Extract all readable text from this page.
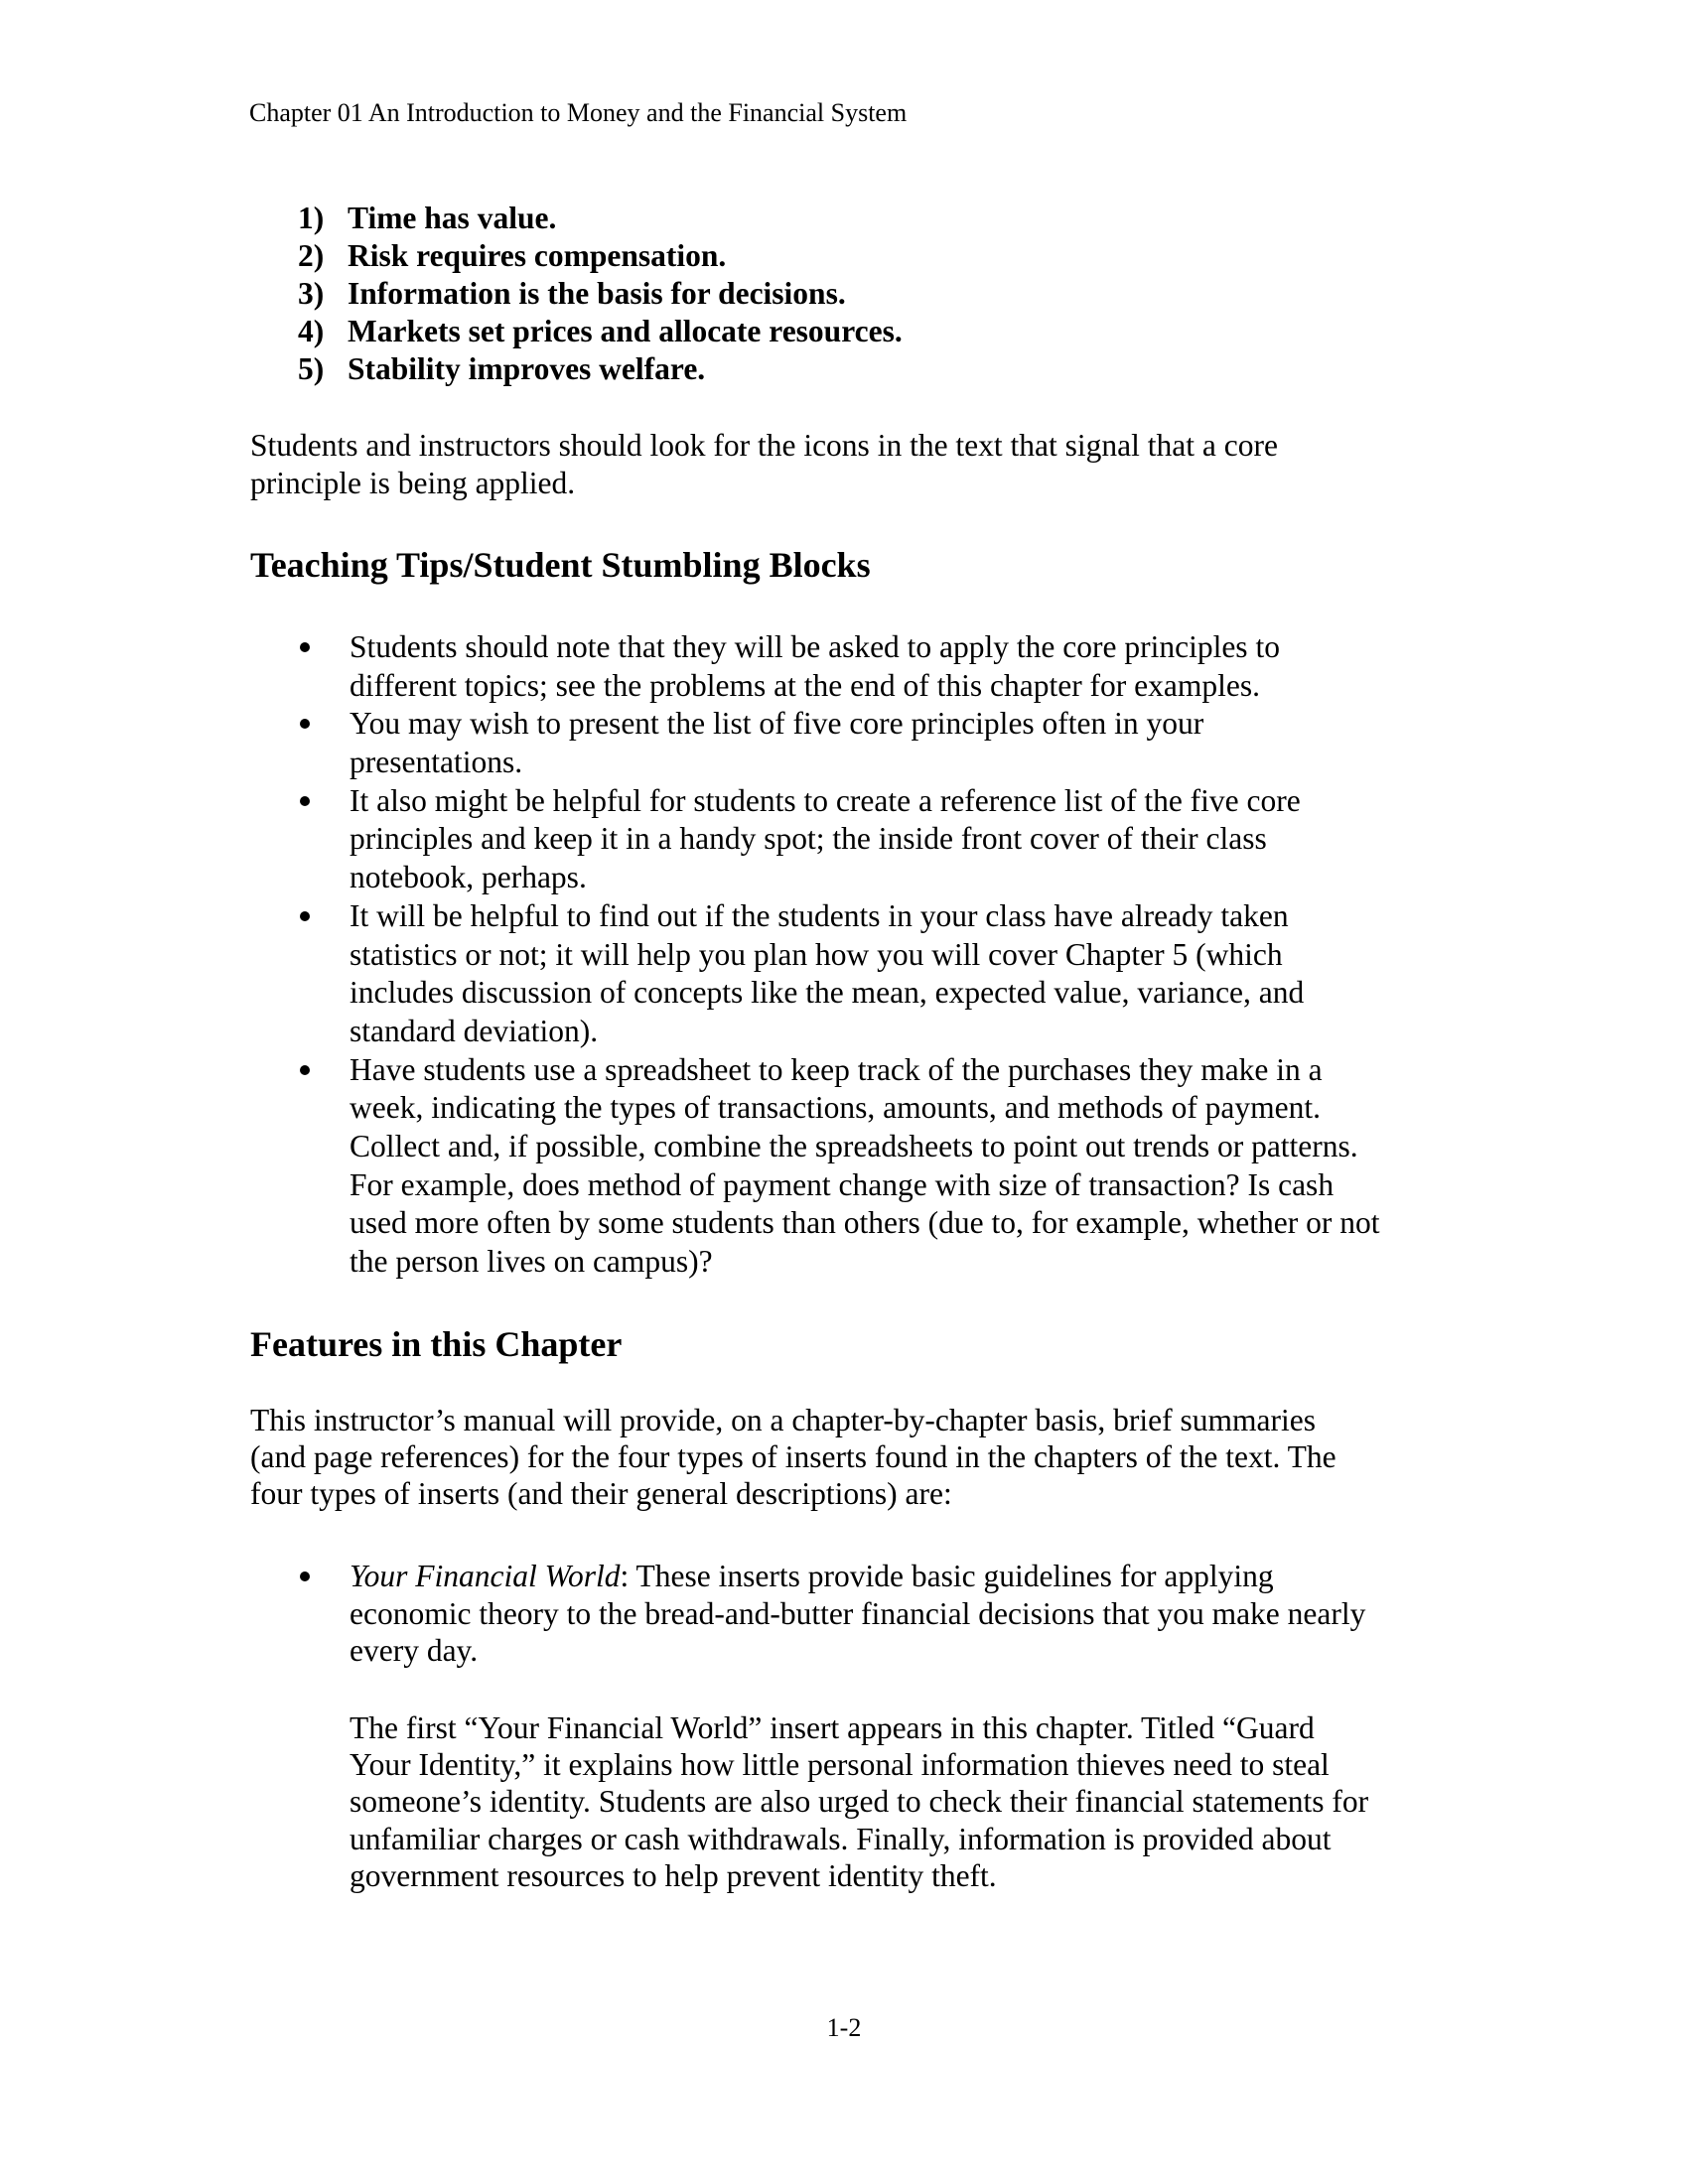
Chapter 01 An Introduction to Money and the Financial System
1) Time has value.
2) Risk requires compensation.
3) Information is the basis for decisions.
4) Markets set prices and allocate resources.
5) Stability improves welfare.
Students and instructors should look for the icons in the text that signal that a core
principle is being applied.
Teaching Tips/Student Stumbling Blocks
Students should note that they will be asked to apply the core principles to
different topics; see the problems at the end of this chapter for examples.
You may wish to present the list of five core principles often in your
presentations.
It also might be helpful for students to create a reference list of the five core
principles and keep it in a handy spot; the inside front cover of their class
notebook, perhaps.
It will be helpful to find out if the students in your class have already taken
statistics or not; it will help you plan how you will cover Chapter 5 (which
includes discussion of concepts like the mean, expected value, variance, and
standard deviation).
Have students use a spreadsheet to keep track of the purchases they make in a
week, indicating the types of transactions, amounts, and methods of payment.
Collect and, if possible, combine the spreadsheets to point out trends or patterns.
For example, does method of payment change with size of transaction? Is cash
used more often by some students than others (due to, for example, whether or not
the person lives on campus)?
Features in this Chapter
This instructor’s manual will provide, on a chapter-by-chapter basis, brief summaries
(and page references) for the four types of inserts found in the chapters of the text. The
four types of inserts (and their general descriptions) are:
Your Financial World: These inserts provide basic guidelines for applying
economic theory to the bread-and-butter financial decisions that you make nearly
every day.
The first “Your Financial World” insert appears in this chapter. Titled “Guard
Your Identity,” it explains how little personal information thieves need to steal
someone’s identity. Students are also urged to check their financial statements for
unfamiliar charges or cash withdrawals. Finally, information is provided about
government resources to help prevent identity theft.
1-2
